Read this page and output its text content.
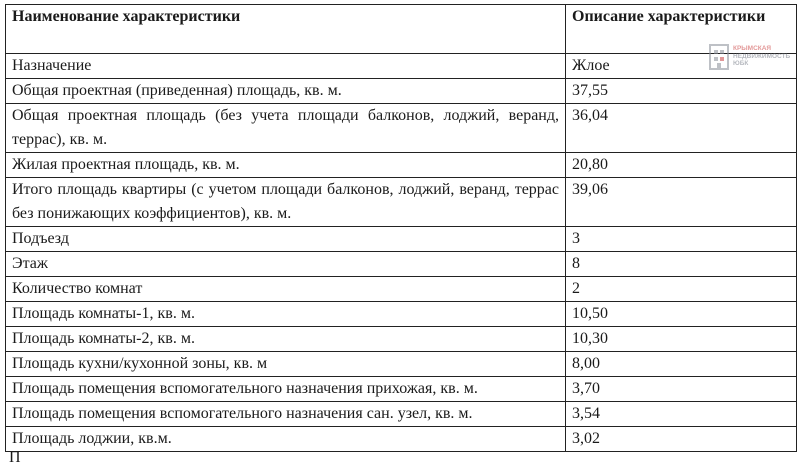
Наименование характеристики	Описание характеристики
Назначение	Жлое
Общая проектная (приведенная) площадь, кв. м.	37,55
Общая проектная площадь (без учета площади балконов, лоджий, веранд, террас), кв. м.	36,04
Жилая проектная площадь, кв. м.	20,80
Итого площадь квартиры (с учетом площади балконов, лоджий, веранд, террас без понижающих коэффициентов), кв. м.	39,06
Подъезд	3
Этаж	8
Количество комнат	2
Площадь комнаты-1, кв. м.	10,50
Площадь комнаты-2, кв. м.	10,30
Площадь кухни/кухонной зоны, кв. м	8,00
Площадь помещения вспомогательного назначения прихожая, кв. м.	3,70
Площадь помещения вспомогательного назначения сан. узел, кв. м.	3,54
Площадь лоджии, кв.м.	3,02
КРЫМСКАЯ
НЕДВИЖИМОСТЬ
ЮБК
П
